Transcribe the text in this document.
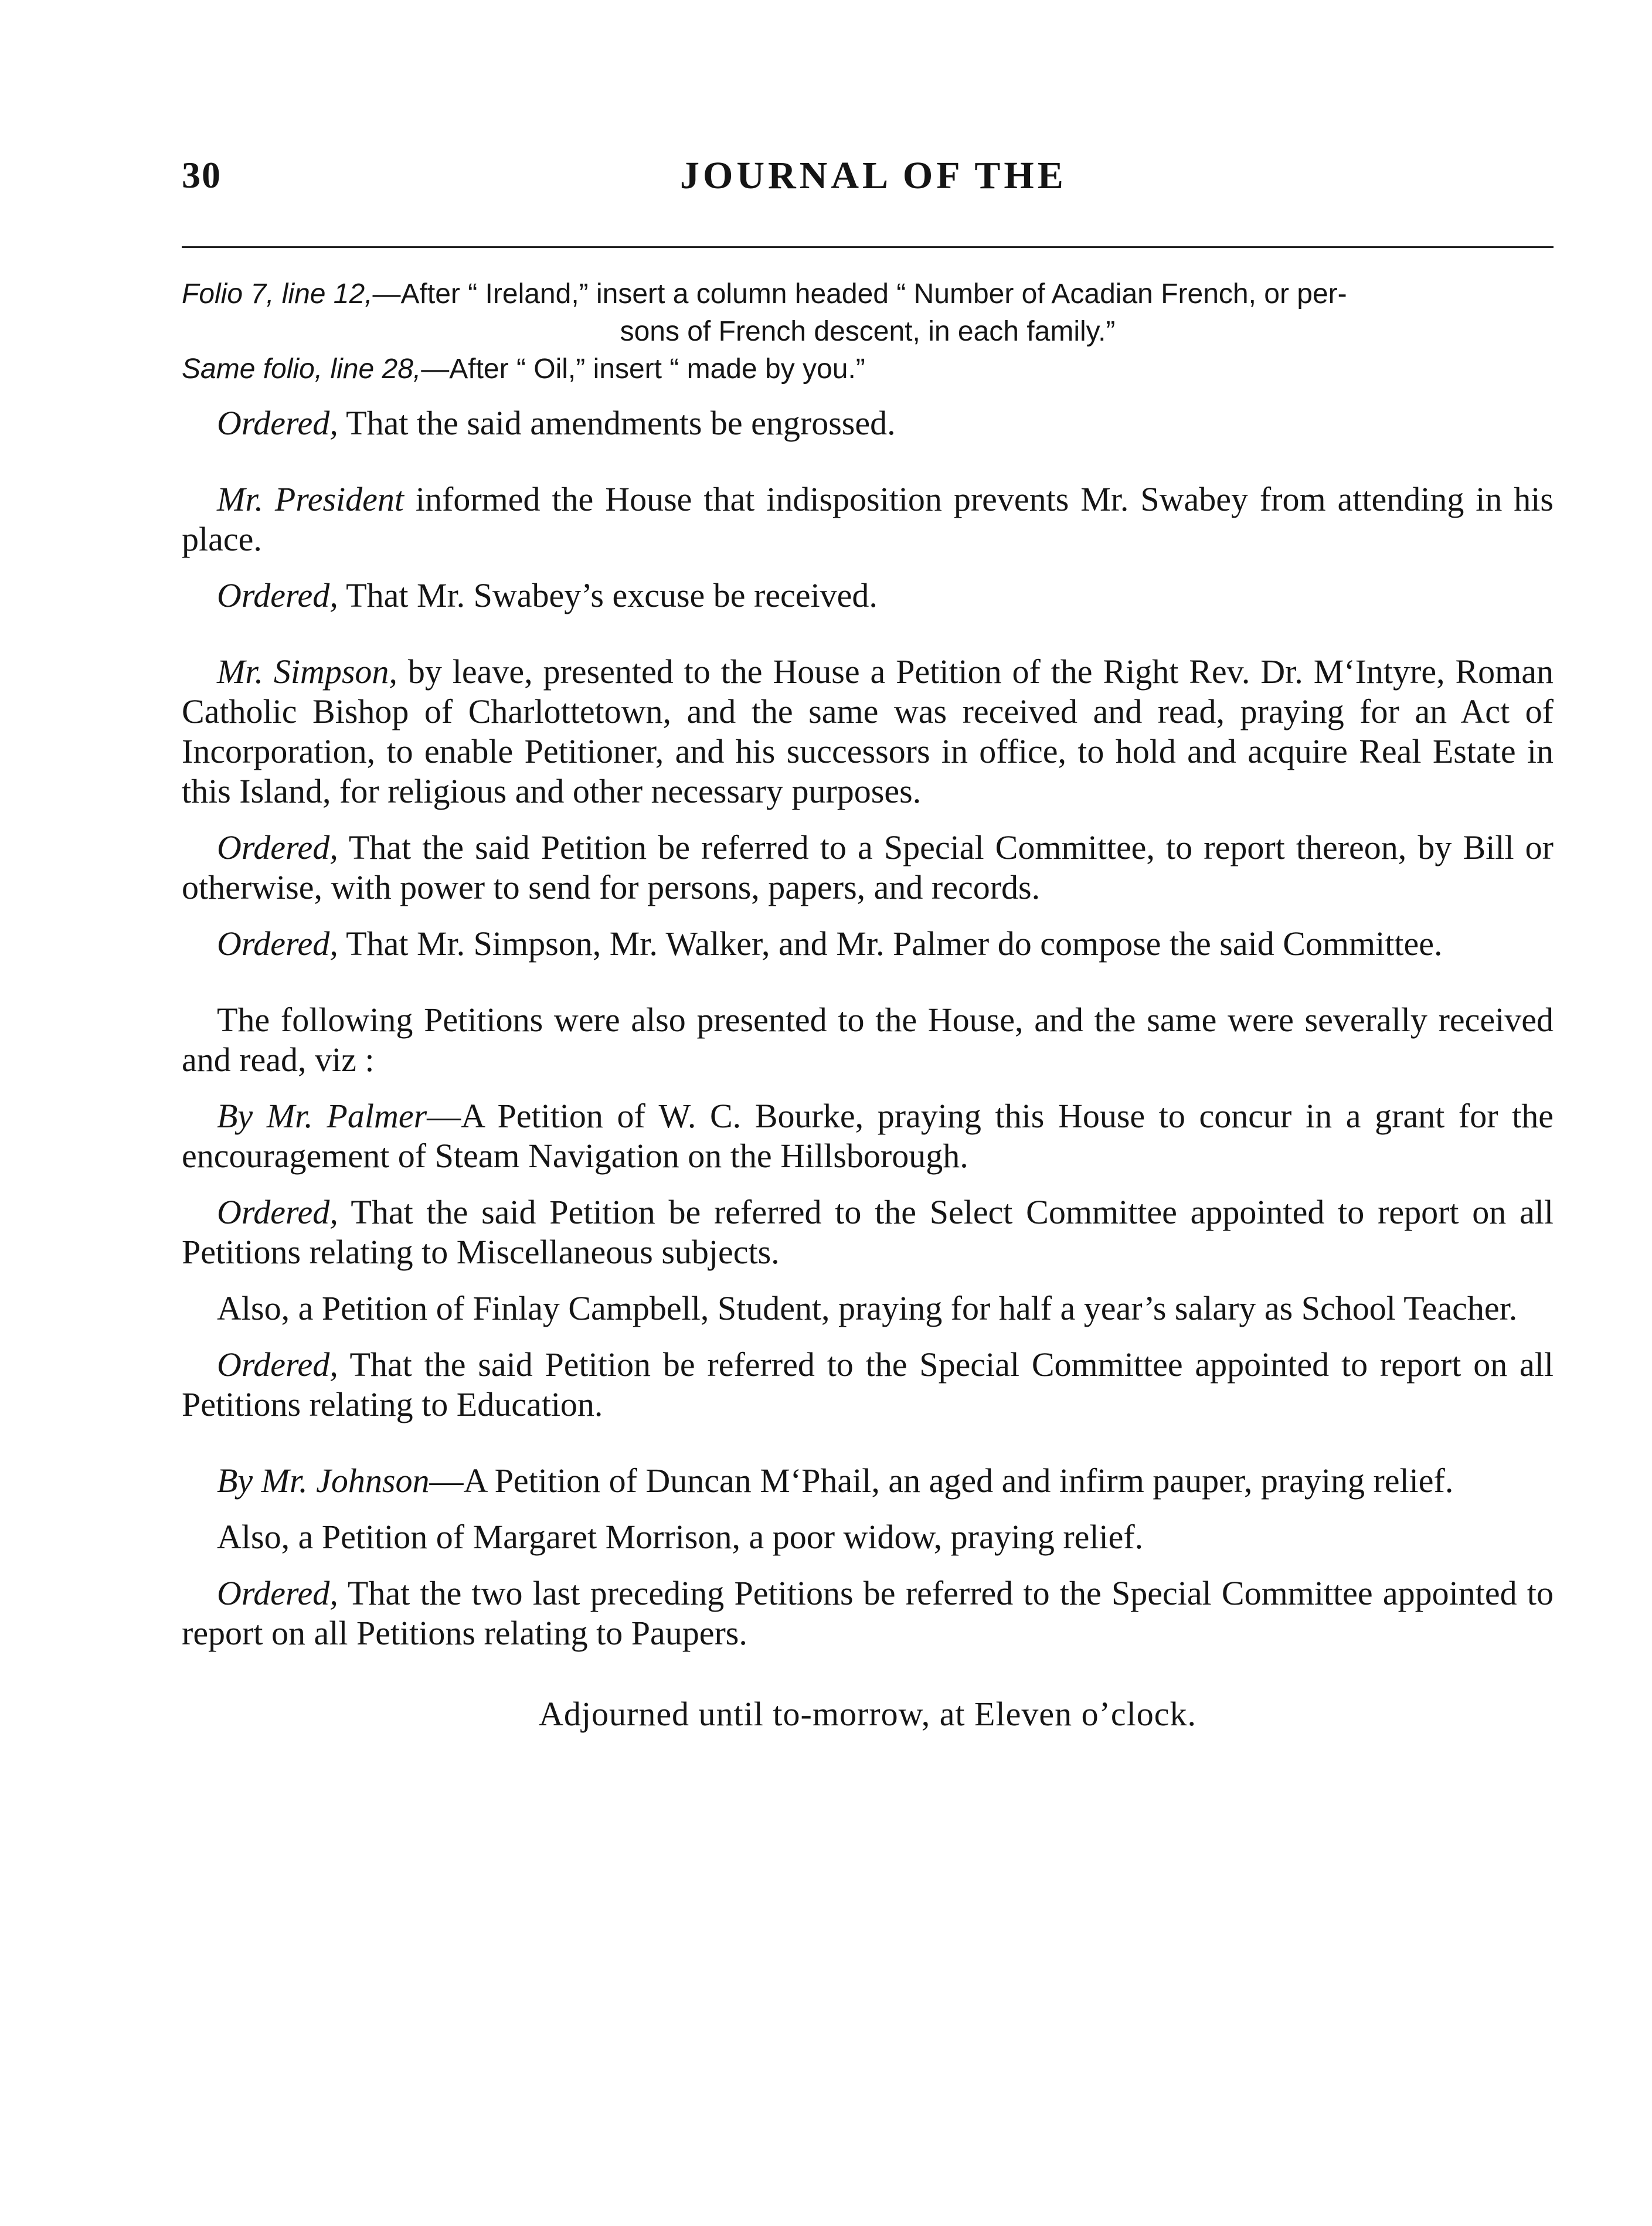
30	JOURNAL OF THE

Folio 7, line 12,—After “ Ireland,” insert a column headed “ Number of Acadian French, or per-

sons of French descent, in each family.”

Same folio, line 28,—After “ Oil,” insert “ made by you.”

Ordered, That the said amendments be engrossed.

Mr. President informed the House that indisposition prevents Mr. Swabey from attending in his place.

Ordered, That Mr. Swabey’s excuse be received.

Mr. Simpson, by leave, presented to the House a Petition of the Right Rev. Dr. M‘Intyre, Roman Catholic Bishop of Charlottetown, and the same was received and read, praying for an Act of Incorporation, to enable Petitioner, and his successors in office, to hold and acquire Real Estate in this Island, for religious and other necessary purposes.

Ordered, That the said Petition be referred to a Special Committee, to report thereon, by Bill or otherwise, with power to send for persons, papers, and records.

Ordered, That Mr. Simpson, Mr. Walker, and Mr. Palmer do compose the said Committee.

The following Petitions were also presented to the House, and the same were severally received and read, viz :

By Mr. Palmer—A Petition of W. C. Bourke, praying this House to concur in a grant for the encouragement of Steam Navigation on the Hillsborough.

Ordered, That the said Petition be referred to the Select Committee appointed to report on all Petitions relating to Miscellaneous subjects.

Also, a Petition of Finlay Campbell, Student, praying for half a year’s salary as School Teacher.

Ordered, That the said Petition be referred to the Special Committee appointed to report on all Petitions relating to Education.

By Mr. Johnson—A Petition of Duncan M‘Phail, an aged and infirm pauper, praying relief.

Also, a Petition of Margaret Morrison, a poor widow, praying relief.

Ordered, That the two last preceding Petitions be referred to the Special Committee appointed to report on all Petitions relating to Paupers.

Adjourned until to-morrow, at Eleven o’clock.
